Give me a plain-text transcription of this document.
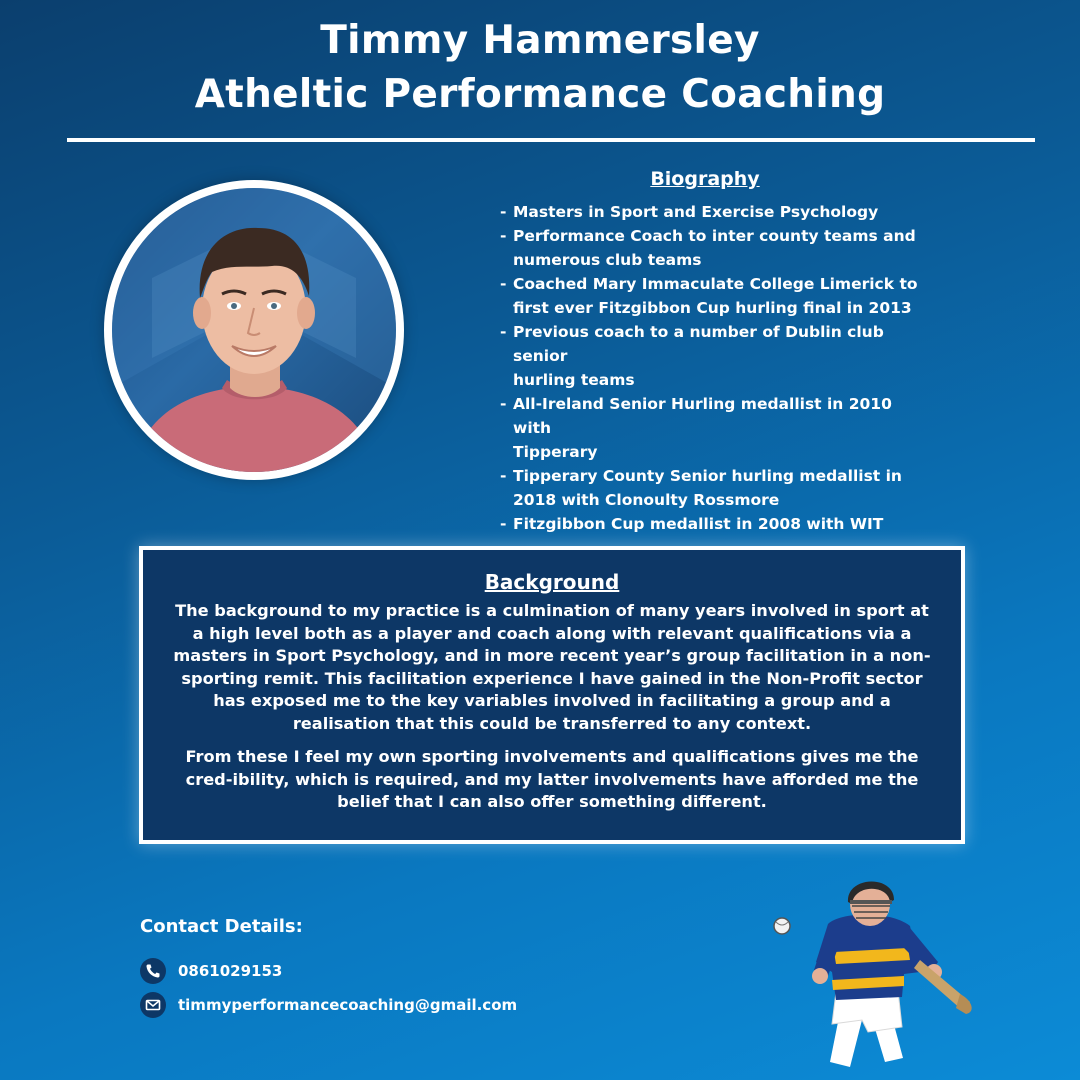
Timmy Hammersley
Atheltic Performance Coaching
Biography
- Masters in Sport and Exercise Psychology
- Performance Coach to inter county teams and
numerous club teams
- Coached Mary Immaculate College Limerick to
first ever Fitzgibbon Cup hurling final in 2013
- Previous coach to a number of Dublin club senior
hurling teams
- All-Ireland Senior Hurling medallist in 2010 with
Tipperary
- Tipperary County Senior hurling medallist in
2018 with Clonoulty Rossmore
- Fitzgibbon Cup medallist in 2008 with WIT
Background

The background to my practice is a culmination of many years involved in sport at a high level both as a player and coach along with relevant qualifications via a masters in Sport Psychology, and in more recent year’s group facilitation in a non-sporting remit. This facilitation experience I have gained in the Non-Profit sector has exposed me to the key variables involved in facilitating a group and a realisation that this could be transferred to any context.

From these I feel my own sporting involvements and qualifications gives me the cred-ibility, which is required, and my latter involvements have afforded me the belief that I can also offer something different.

Contact Details:
0861029153
timmyperformancecoaching@gmail.com
